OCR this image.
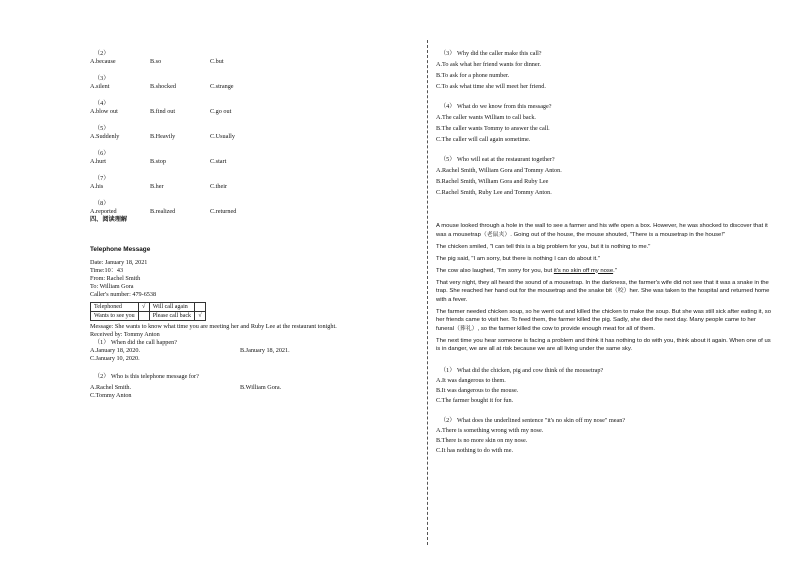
（2）
A.because	B.so	C.but
（3）
A.silent	B.shocked	C.strange
（4）
A.blow out	B.find out	C.go out
（5）
A.Suddenly	B.Heavily	C.Usually
（6）
A.hurt	B.stop	C.start
（7）
A.his	B.her	C.their
（8）
A.reported	B.realized	C.returned
四、阅读理解
Telephone Message
Date: January 18, 2021
Time:10：43
From: Rachel Smith
To: William Gora
Caller's number: 479-6538
Telephoned	√	Will call again	
Wants to see you		Please call back	√
Message: She wants to know what time you are meeting her and Ruby Lee at the restaurant tonight.
Received by: Tommy Anton
（1） When did the call happen?
A.January 18, 2020.	B.January 18, 2021.
C.January 10, 2020.
（2） Who is this telephone message for?
A.Rachel Smith.	B.William Gora.
C.Tommy Anton
（3） Why did the caller make this call?
A.To ask what her friend wants for dinner.
B.To ask for a phone number.
C.To ask what time she will meet her friend.
（4） What do we know from this message?
A.The caller wants William to call back.
B.The caller wants Tommy to answer the call.
C.The caller will call again sometime.
（5） Who will eat at the restaurant together?
A.Rachel Smith, William Gora and Tommy Anton.
B.Rachel Smith, William Gora and Ruby Lee
C.Rachel Smith, Ruby Lee and Tommy Anton.

A mouse looked through a hole in the wall to see a farmer and his wife open a box. However, he was shocked to discover that it was a mousetrap（老鼠夹）. Going out of the house, the mouse shouted, "There is a mousetrap in the house!"

The chicken smiled, "I can tell this is a big problem for you, but it is nothing to me."

The pig said, "I am sorry, but there is nothing I can do about it."

The cow also laughed, "I'm sorry for you, but it's no skin off my nose."

That very night, they all heard the sound of a mousetrap. In the darkness, the farmer's wife did not see that it was a snake in the trap. She reached her hand out for the mousetrap and the snake bit（咬）her. She was taken to the hospital and returned home with a fever.

The farmer needed chicken soup, so he went out and killed the chicken to make the soup. But she was still sick after eating it, so her friends came to visit her. To feed them, the farmer killed the pig. Sadly, she died the next day. Many people came to her funeral（葬礼）, so the farmer killed the cow to provide enough meat for all of them.

The next time you hear someone is facing a problem and think it has nothing to do with you, think about it again. When one of us is in danger, we are all at risk because we are all living under the same sky.

（1） What did the chicken, pig and cow think of the mousetrap?
A.It was dangerous to them.
B.It was dangerous to the mouse.
C.The farmer bought it for fun.
（2） What does the underlined sentence "it's no skin off my nose" mean?
A.There is something wrong with my nose.
B.There is no more skin on my nose.
C.It has nothing to do with me.
